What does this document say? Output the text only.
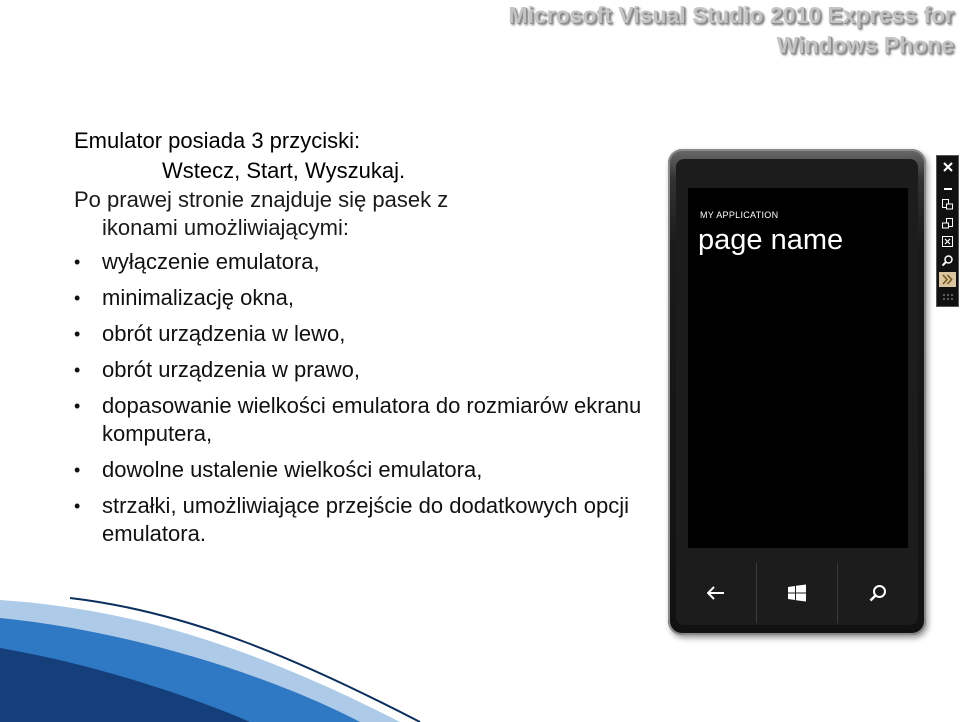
Microsoft Visual Studio 2010 Express for
Windows Phone

Emulator posiada 3 przyciski:

Wstecz, Start, Wyszukaj.

Po prawej stronie znajduje się pasek z
ikonami umożliwiającymi:

• wyłączenie emulatora,
• minimalizację okna,
• obrót urządzenia w lewo,
• obrót urządzenia w prawo,
• dopasowanie wielkości emulatora do rozmiarów ekranu komputera,
• dowolne ustalenie wielkości emulatora,
• strzałki, umożliwiające przejście do dodatkowych opcji emulatora.
MY APPLICATION
page name
